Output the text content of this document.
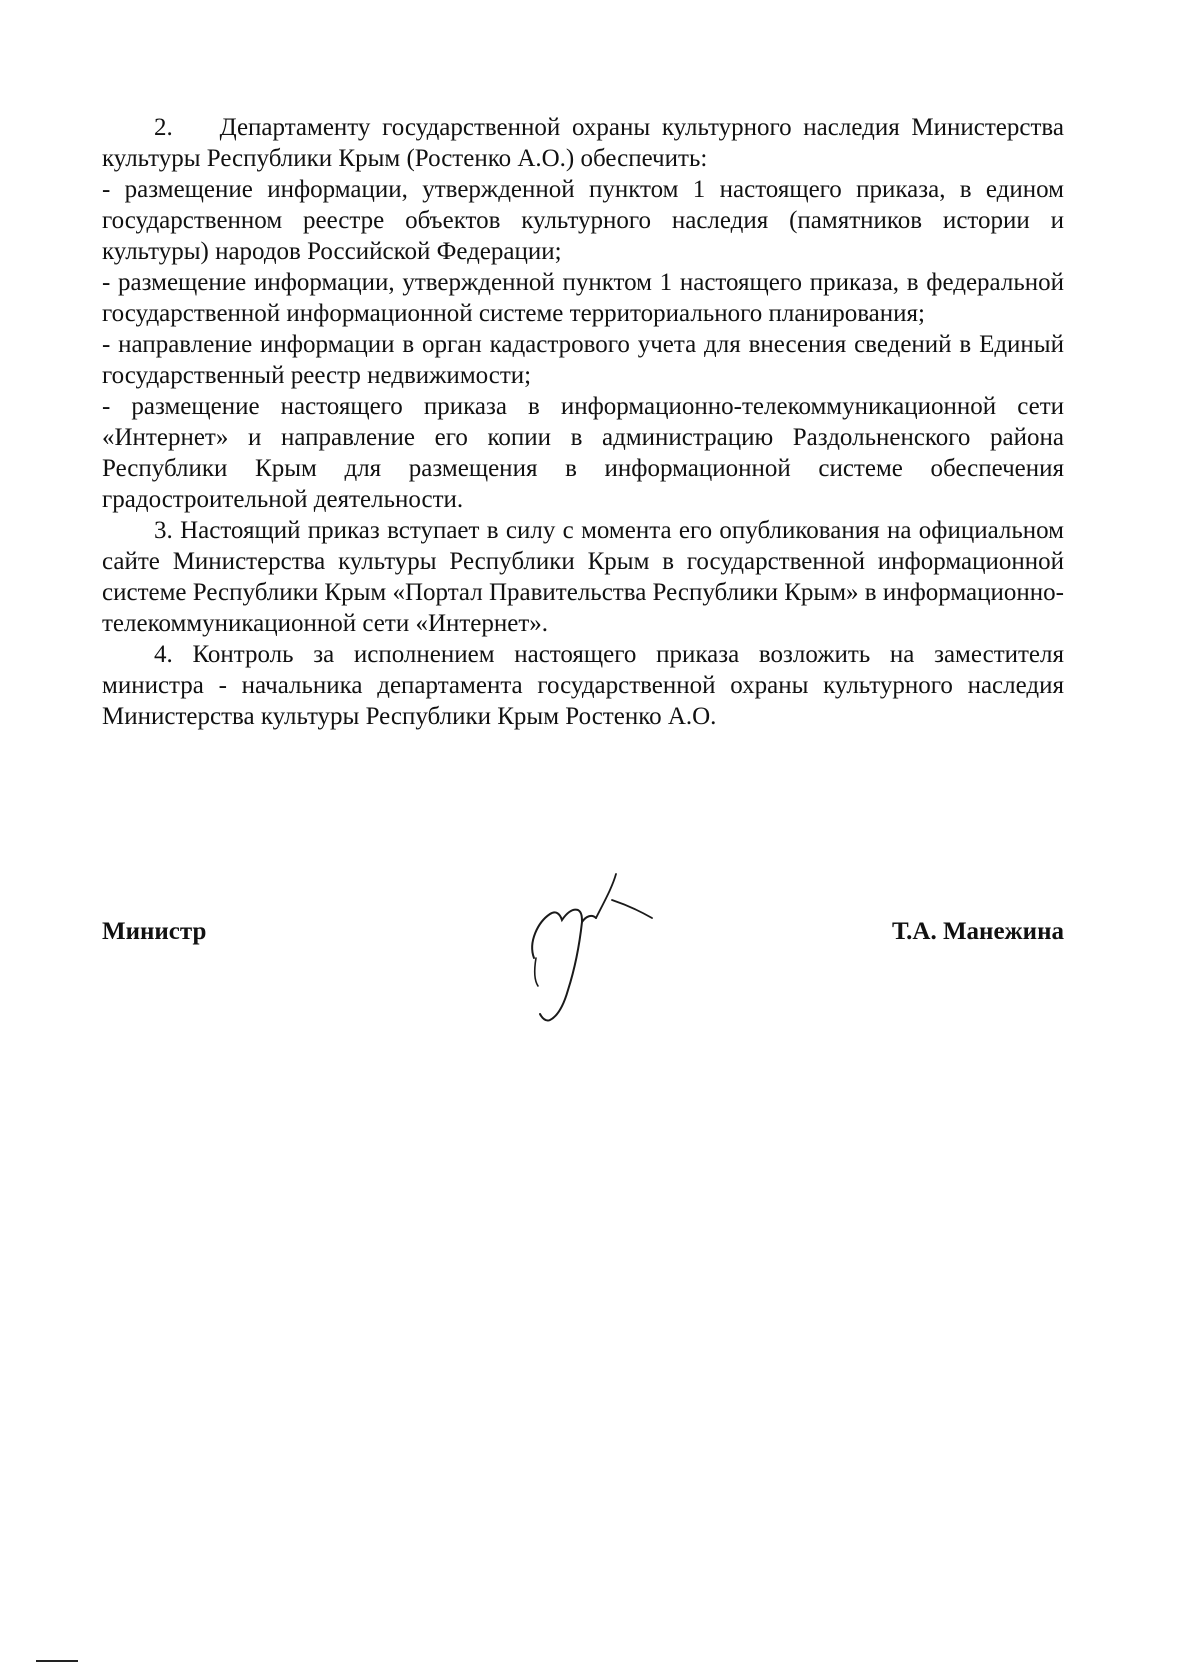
2.    Департаменту государственной охраны культурного наследия Министерства культуры Республики Крым (Ростенко А.О.) обеспечить:

- размещение информации, утвержденной пунктом 1 настоящего приказа, в едином государственном реестре объектов культурного наследия (памятников истории и культуры) народов Российской Федерации;

- размещение информации, утвержденной пунктом 1 настоящего приказа, в федеральной государственной информационной системе территориального планирования;

- направление информации в орган кадастрового учета для внесения сведений в Единый государственный реестр недвижимости;

- размещение настоящего приказа в информационно-телекоммуникационной сети «Интернет» и направление его копии в администрацию Раздольненского района Республики Крым для размещения в информационной системе обеспечения градостроительной деятельности.

3. Настоящий приказ вступает в силу с момента его опубликования на официальном сайте Министерства культуры Республики Крым в государственной информационной системе Республики Крым «Портал Правительства Республики Крым» в информационно-телекоммуникационной сети «Интернет».

4. Контроль за исполнением настоящего приказа возложить на заместителя министра - начальника департамента государственной охраны культурного наследия Министерства культуры Республики Крым Ростенко А.О.

Министр	Т.А. Манежина
